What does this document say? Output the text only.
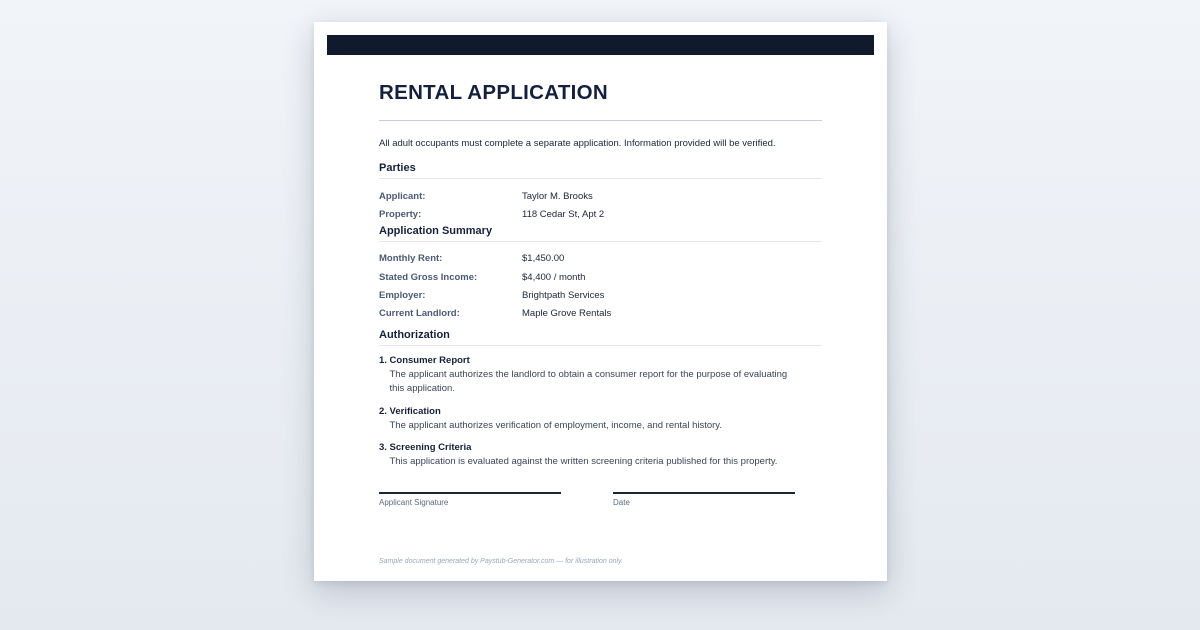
RENTAL APPLICATION
All adult occupants must complete a separate application. Information provided will be verified.
Parties
Applicant:	Taylor M. Brooks
Property:	118 Cedar St, Apt 2
Application Summary
Monthly Rent:	$1,450.00
Stated Gross Income:	$4,400 / month
Employer:	Brightpath Services
Current Landlord:	Maple Grove Rentals
Authorization
1. Consumer Report
The applicant authorizes the landlord to obtain a consumer report for the purpose of evaluating this application.
2. Verification
The applicant authorizes verification of employment, income, and rental history.
3. Screening Criteria
This application is evaluated against the written screening criteria published for this property.
Applicant Signature	Date
Sample document generated by Paystub-Generator.com — for illustration only.
